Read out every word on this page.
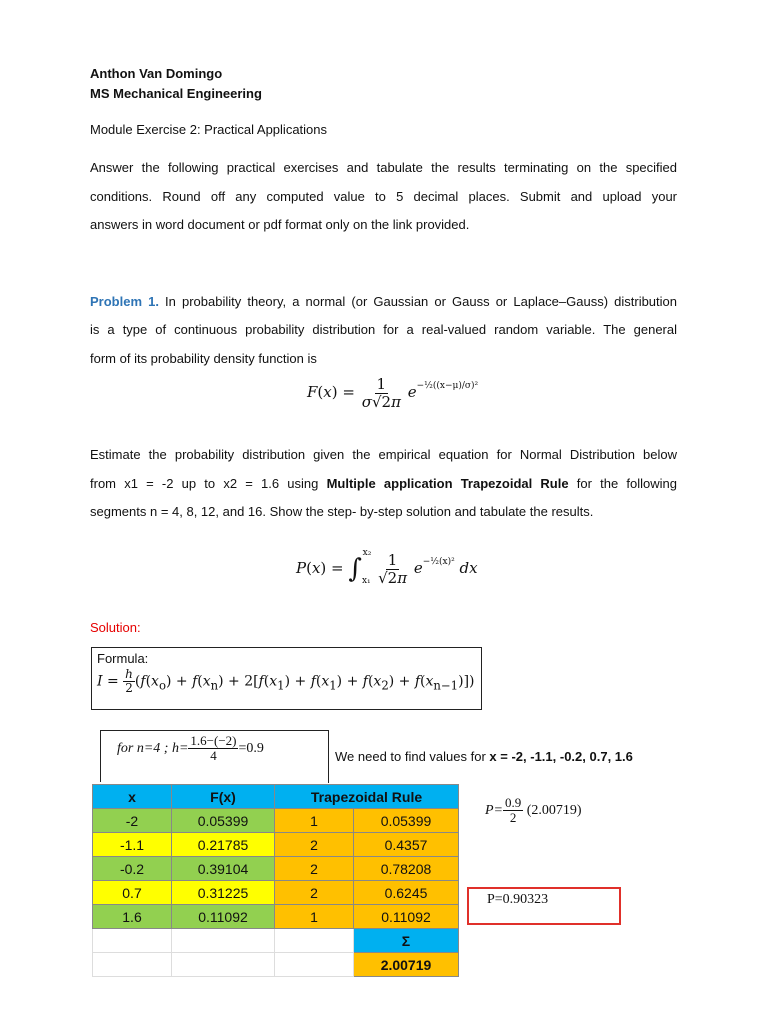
Anthon Van Domingo
MS Mechanical Engineering
Module Exercise 2: Practical Applications
Answer the following practical exercises and tabulate the results terminating on the specified
conditions. Round off any computed value to 5 decimal places. Submit and upload your
answers in word document or pdf format only on the link provided.
Problem 1. In probability theory, a normal (or Gaussian or Gauss or Laplace–Gauss) distribution
is a type of continuous probability distribution for a real-valued random variable. The general
form of its probability density function is
$F(x) = \frac{1}{\sigma√2\pi} e^{-\frac{1}{2}((x-\mu)/\sigma)^2}$
Estimate the probability distribution given the empirical equation for Normal Distribution below
from x1 = -2 up to x2 = 1.6 using Multiple application Trapezoidal Rule for the following
segments n = 4, 8, 12, and 16. Show the step- by-step solution and tabulate the results.
$P(x) = \int_{x_1}^{x_2} \frac{1}{√2\pi} e^{-\frac{1}{2}(x)^2}$ dx
Solution:
Formula:
$I = \frac{h}{2} (f(x_o) + f(x_n) + 2[f(x_1) + f(x_1) + f(x_2) + f(x_{n-1})])$
for n=4 ; $h= \frac{1.6-(-2)}{4} =0.9$
We need to find values for x = -2, -1.1, -0.2, 0.7, 1.6
x	F(x)	Trapezoidal Rule	
-2	0.05399	1	0.05399
-1.1	0.21785	2	0.4357
-0.2	0.39104	2	0.78208
0.7	0.31225	2	0.6245
1.6	0.11092	1	0.11092
			Σ
			2.00719
$P= \frac{0.9}{2} (2.00719)$
P=0.90323
